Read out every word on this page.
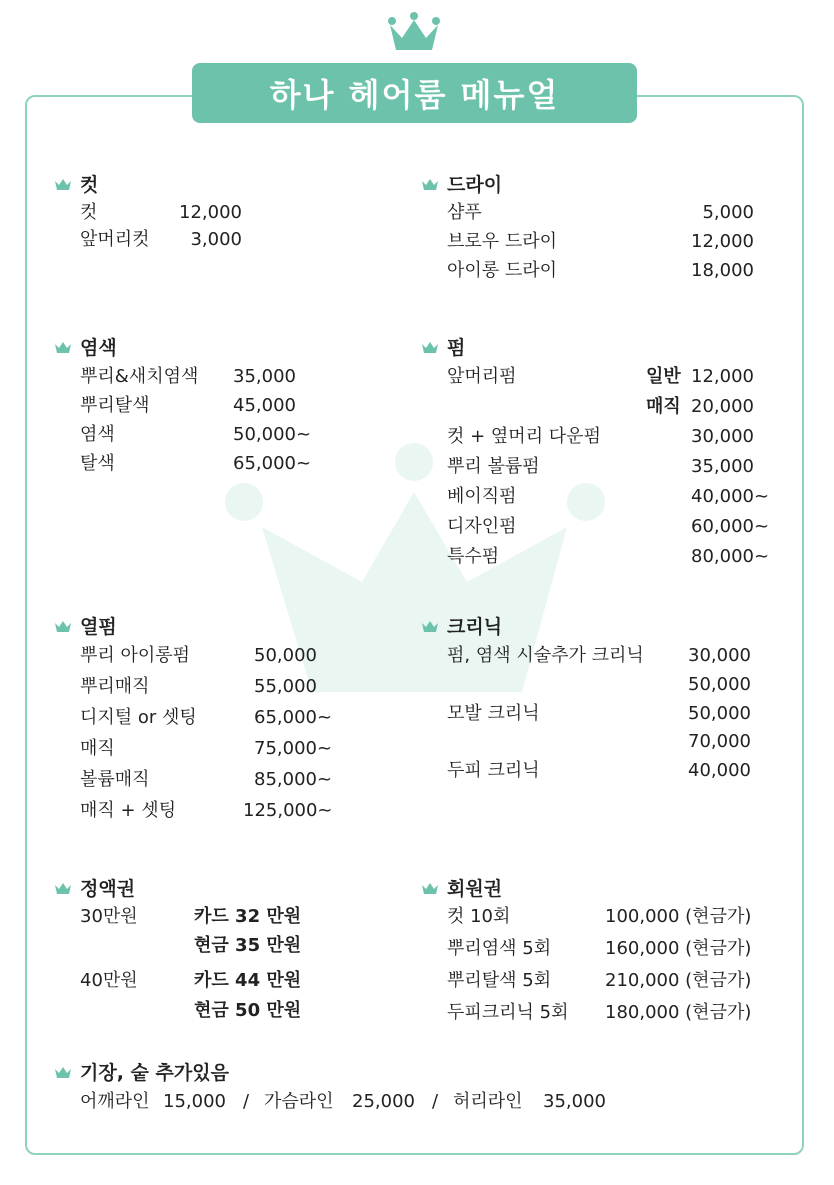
하나 헤어룸 메뉴얼
컷
컷	12,000
앞머리컷	3,000
드라이
샴푸	5,000
브로우 드라이	12,000
아이롱 드라이	18,000
염색
뿌리&새치염색 35,000
뿌리탈색	45,000
염색	50,000~
탈색	65,000~
펌
앞머리펌	일반 12,000
매직 20,000
컷 + 옆머리 다운펌	30,000
뿌리 볼륨펌	35,000
베이직펌	40,000~
디자인펌	60,000~
특수펌	80,000~
열펌
뿌리 아이롱펌	50,000
뿌리매직	55,000
디지털 or 셋팅	65,000~
매직	75,000~
볼륨매직	85,000~
매직 + 셋팅	125,000~
크리닉
펌, 염색 시술추가 크리닉 30,000
50,000
모발 크리닉	50,000
70,000
두피 크리닉	40,000
정액권
30만원	카드 32 만원
현금 35 만원
40만원	카드 44 만원
현금 50 만원
회원권
컷 10회	100,000 (현금가)
뿌리염색 5회	160,000 (현금가)
뿌리탈색 5회	210,000 (현금가)
두피크리닉 5회 180,000 (현금가)
기장, 숱 추가있음
어깨라인 15,000 / 가슴라인 25,000 / 허리라인 35,000
